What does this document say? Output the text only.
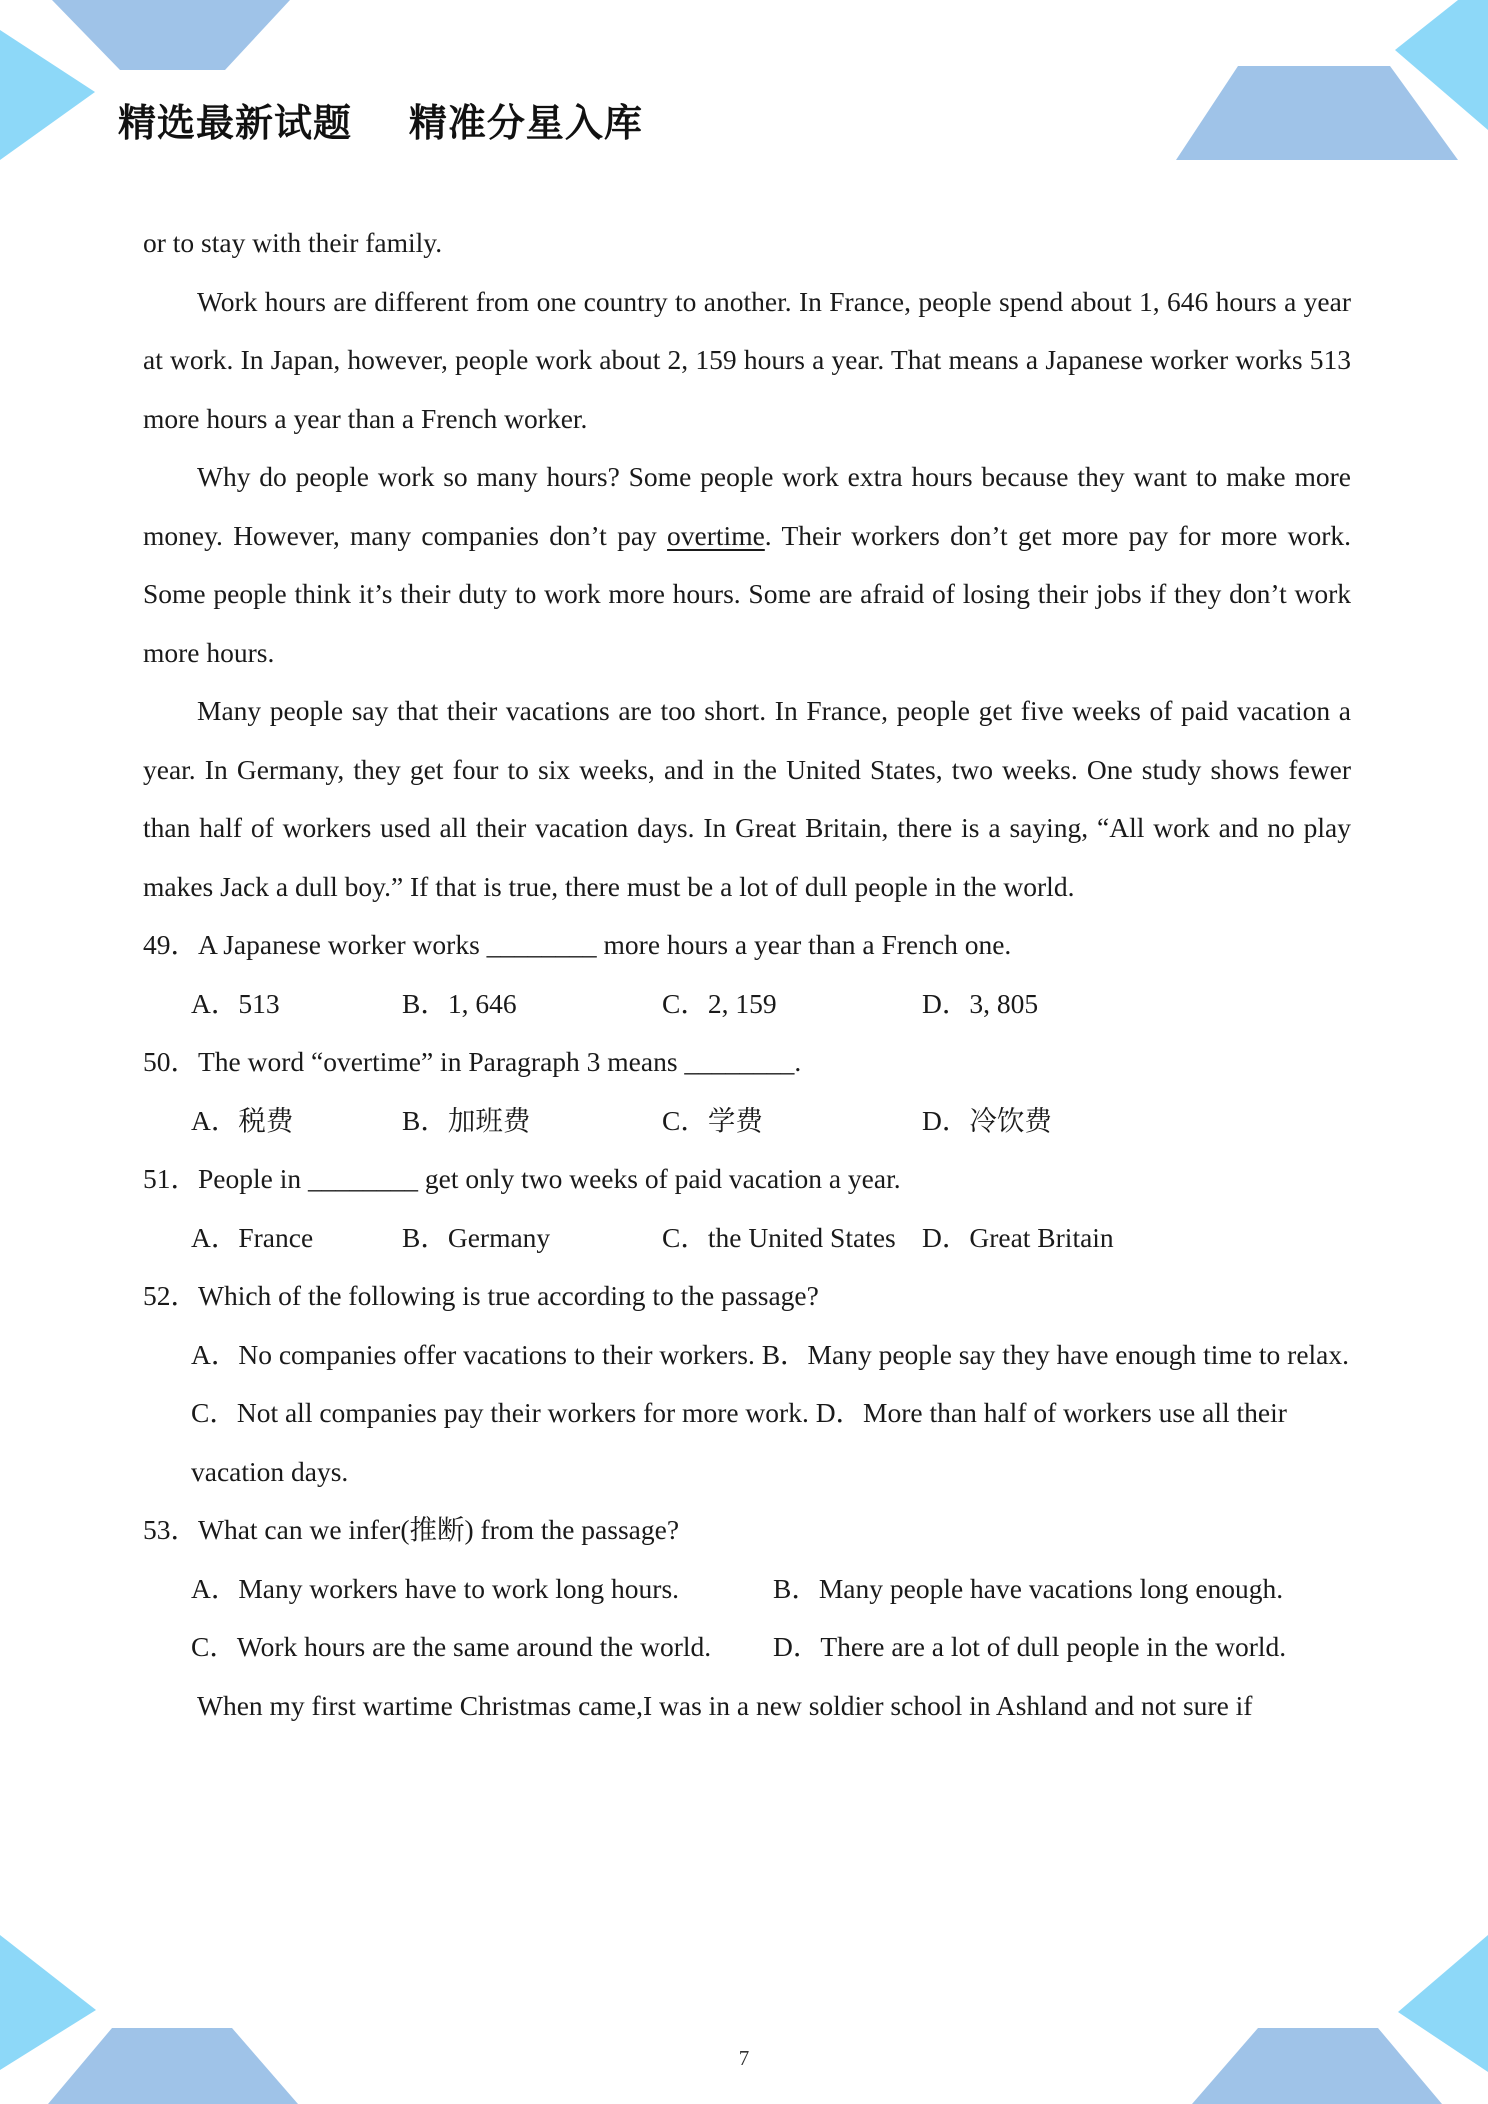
精选最新试题    精准分星入库

or to stay with their family.

Work hours are different from one country to another. In France, people spend about 1, 646 hours a year at work. In Japan, however, people work about 2, 159 hours a year. That means a Japanese worker works 513 more hours a year than a French worker.

Why do people work so many hours? Some people work extra hours because they want to make more money. However, many companies don’t pay overtime. Their workers don’t get more pay for more work. Some people think it’s their duty to work more hours. Some are afraid of losing their jobs if they don’t work more hours.

Many people say that their vacations are too short. In France, people get five weeks of paid vacation a year. In Germany, they get four to six weeks, and in the United States, two weeks. One study shows fewer than half of workers used all their vacation days. In Great Britain, there is a saying, “All work and no play makes Jack a dull boy.” If that is true, there must be a lot of dull people in the world.

49．A Japanese worker works ________ more hours a year than a French one.

A．513	B．1, 646	C．2, 159	D．3, 805

50．The word “overtime” in Paragraph 3 means ________.

A．税费	B．加班费	C．学费	D．冷饮费

51．People in ________ get only two weeks of paid vacation a year.

A．France	B．Germany	C．the United States D．Great Britain

52．Which of the following is true according to the passage?

A．No companies offer vacations to their workers. B．Many people say they have enough time to relax.

C．Not all companies pay their workers for more work. D．More than half of workers use all their vacation days.

53．What can we infer(推断) from the passage?

A．Many workers have to work long hours.	B．Many people have vacations long enough.
C．Work hours are the same around the world. D．There are a lot of dull people in the world.

When my first wartime Christmas came,I was in a new soldier school in Ashland and not sure if

7
